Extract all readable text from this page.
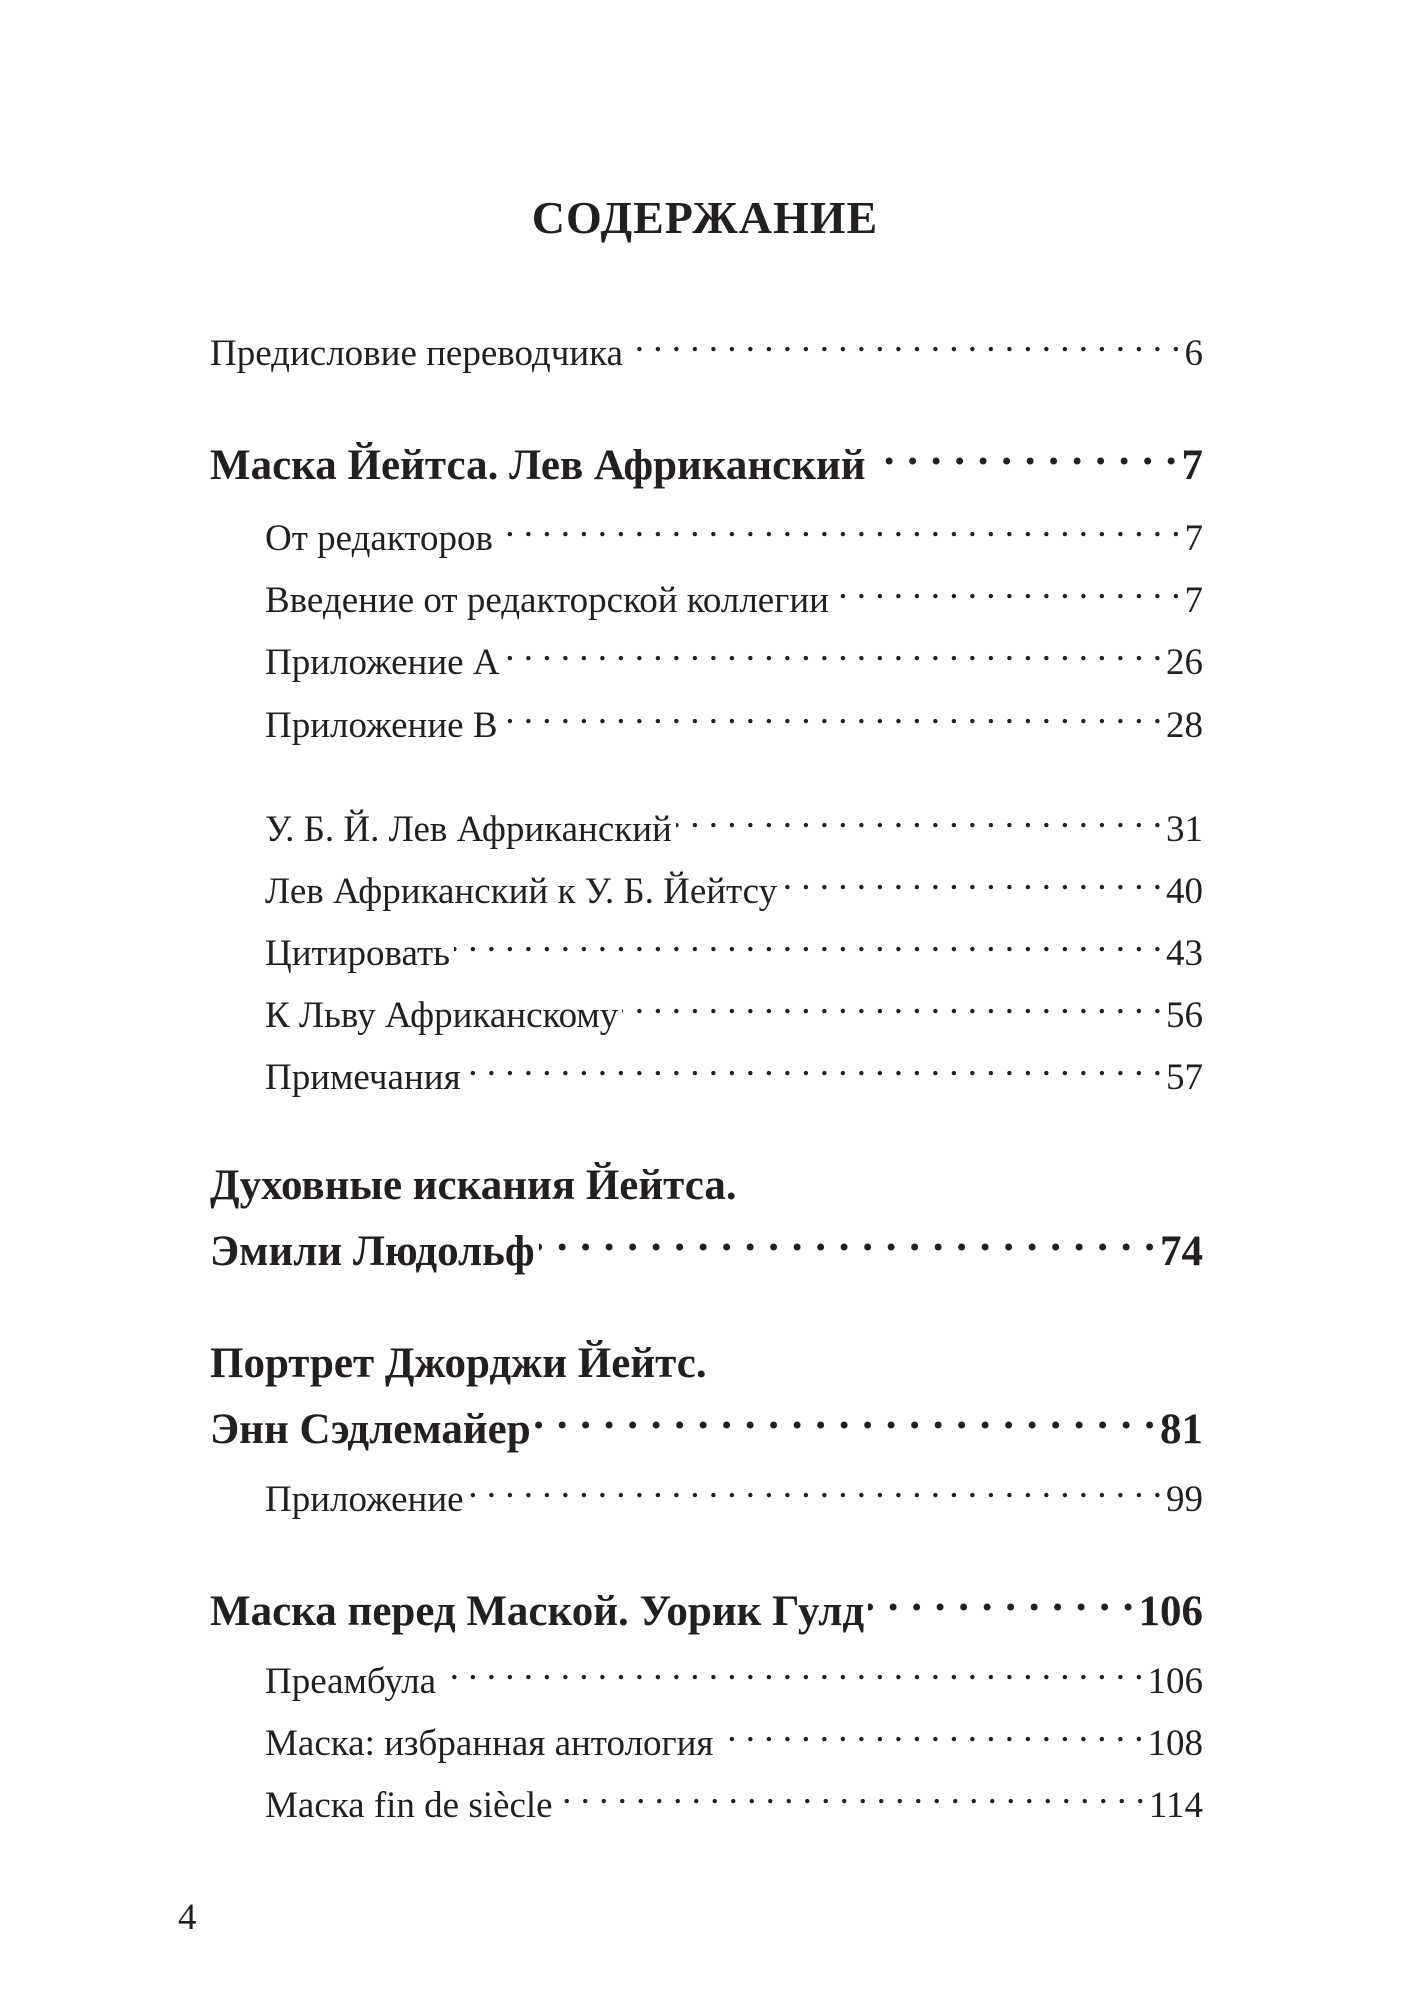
СОДЕРЖАНИЕ
Предисловие переводчика . . .	6
Маска Йейтса. Лев Африканский . . .	7
От редакторов . . .	7
Введение от редакторской коллегии . . .	7
Приложение А . . .	26
Приложение В . . .	28
У. Б. Й. Лев Африканский . . .	31
Лев Африканский к У. Б. Йейтсу . . .	40
Цитировать . . .	43
К Льву Африканскому . . .	56
Примечания . . .	57
Духовные искания Йейтса.
Эмили Людольф . . .	74
Портрет Джорджи Йейтс.
Энн Сэдлемайер . . .	81
Приложение . . .	99
Маска перед Маской. Уорик Гулд . . .	106
Преамбула . . .	106
Маска: избранная антология . . .	108
Маска fin de siècle . . .	114
4
